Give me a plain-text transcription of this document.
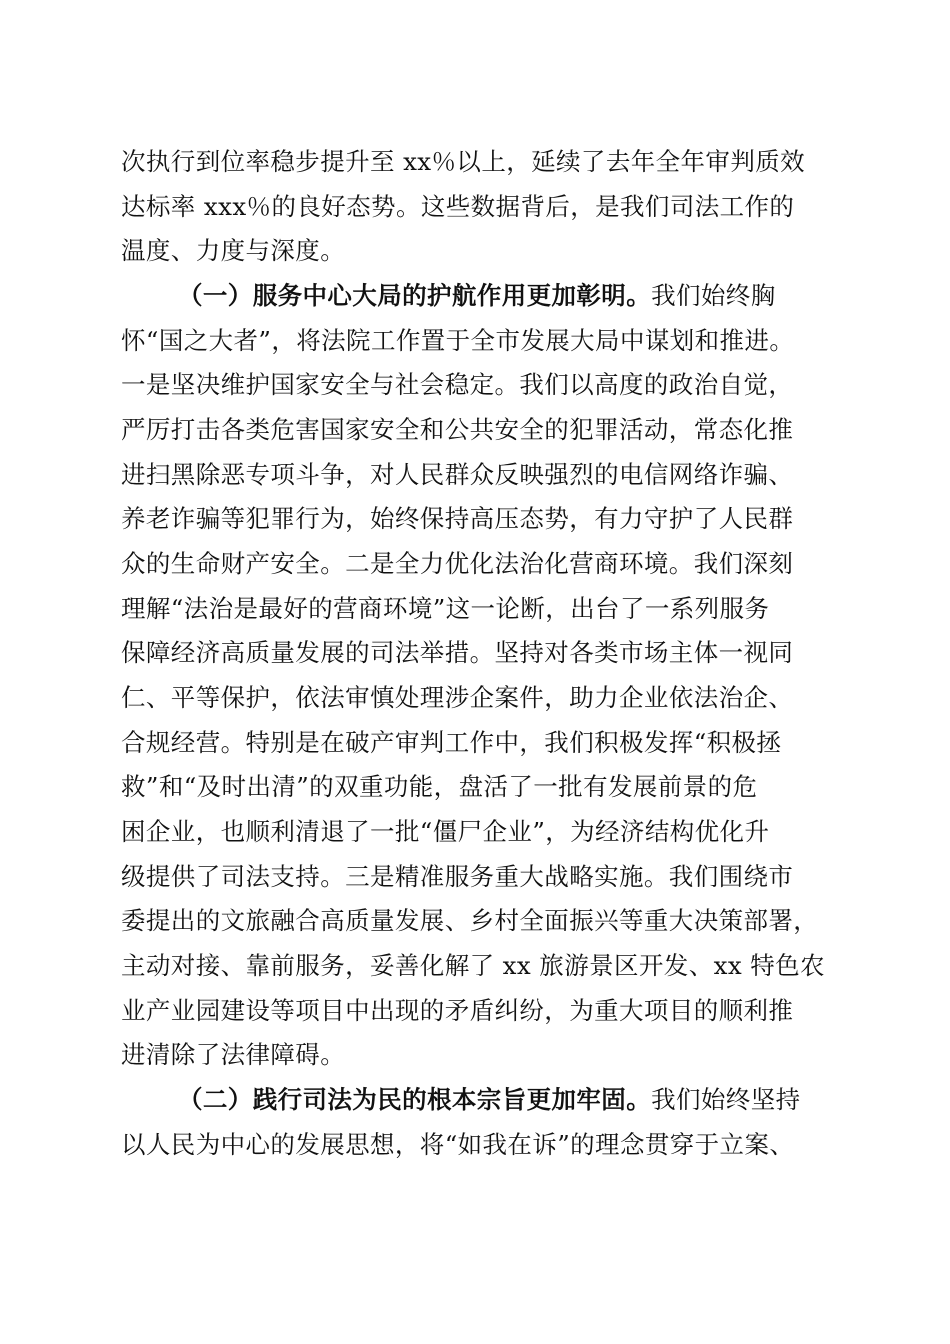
次执行到位率稳步提升至 xx％以上，延续了去年全年审判质效
达标率 xxx％的良好态势。这些数据背后，是我们司法工作的
温度、力度与深度。
（一）服务中心大局的护航作用更加彰明。我们始终胸
怀“国之大者”，将法院工作置于全市发展大局中谋划和推进。
一是坚决维护国家安全与社会稳定。我们以高度的政治自觉，
严厉打击各类危害国家安全和公共安全的犯罪活动，常态化推
进扫黑除恶专项斗争，对人民群众反映强烈的电信网络诈骗、
养老诈骗等犯罪行为，始终保持高压态势，有力守护了人民群
众的生命财产安全。二是全力优化法治化营商环境。我们深刻
理解“法治是最好的营商环境”这一论断，出台了一系列服务
保障经济高质量发展的司法举措。坚持对各类市场主体一视同
仁、平等保护，依法审慎处理涉企案件，助力企业依法治企、
合规经营。特别是在破产审判工作中，我们积极发挥“积极拯
救”和“及时出清”的双重功能，盘活了一批有发展前景的危
困企业，也顺利清退了一批“僵尸企业”，为经济结构优化升
级提供了司法支持。三是精准服务重大战略实施。我们围绕市
委提出的文旅融合高质量发展、乡村全面振兴等重大决策部署，
主动对接、靠前服务，妥善化解了 xx 旅游景区开发、xx 特色农
业产业园建设等项目中出现的矛盾纠纷，为重大项目的顺利推
进清除了法律障碍。
（二）践行司法为民的根本宗旨更加牢固。我们始终坚持
以人民为中心的发展思想，将“如我在诉”的理念贯穿于立案、
